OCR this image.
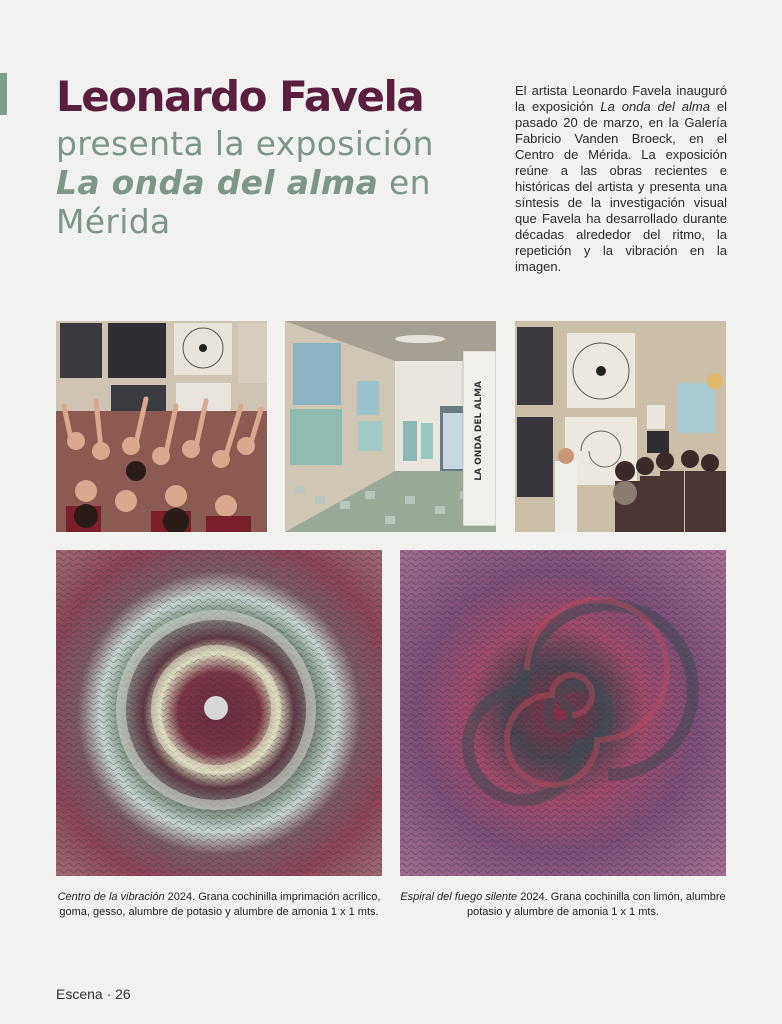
Leonardo Favela
presenta la exposición
La onda del alma en
Mérida
El artista Leonardo Favela inauguró la exposición La onda del alma el pasado 20 de marzo, en la Galería Fabricio Vanden Broeck, en el Centro de Mérida. La exposición reúne a las obras recientes e históricas del artista y presenta una síntesis de la investigación visual que Favela ha desarrollado durante décadas alrededor del ritmo, la repetición y la vibración en la imagen.
LA ONDA DEL ALMA
Centro de la vibración 2024. Grana cochinilla imprimación acrílico, goma, gesso, alumbre de potasio y alumbre de amonia 1 x 1 mts.
Espiral del fuego silente 2024. Grana cochinilla con limón, alumbre potasio y alumbre de amonia 1 x 1 mts.
Escena · 26
